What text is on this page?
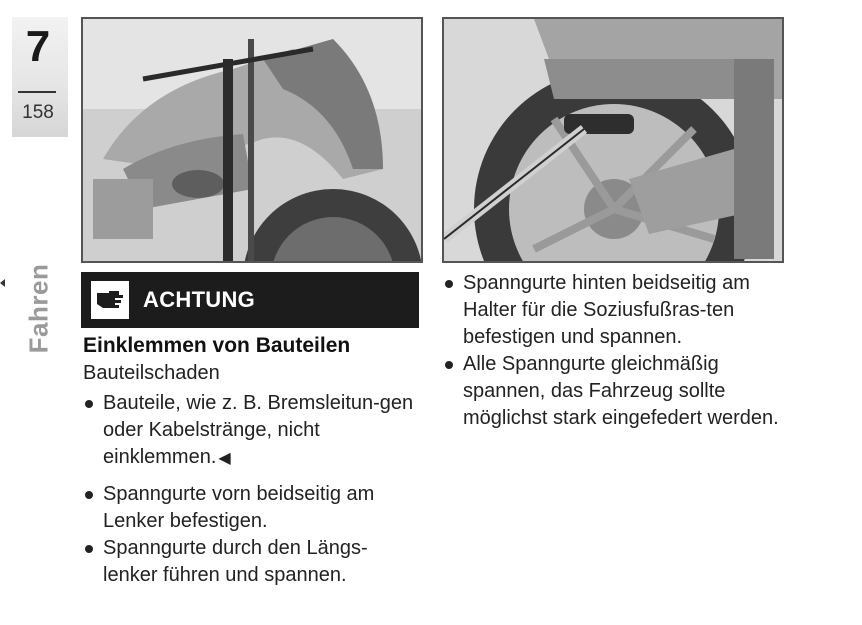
7
158
Fahren	ACHTUNG
Einklemmen von Bauteilen
Bauteilschaden
Bauteile, wie z. B. Bremsleitun-gen oder Kabelstränge, nicht einklemmen. ◀
Spanngurte vorn beidseitig am Lenker befestigen.
Spanngurte durch den Längs-lenker führen und spannen.
Spanngurte hinten beidseitig am Halter für die Soziusfußras-ten befestigen und spannen.
Alle Spanngurte gleichmäßig spannen, das Fahrzeug sollte möglichst stark eingefedert werden.
